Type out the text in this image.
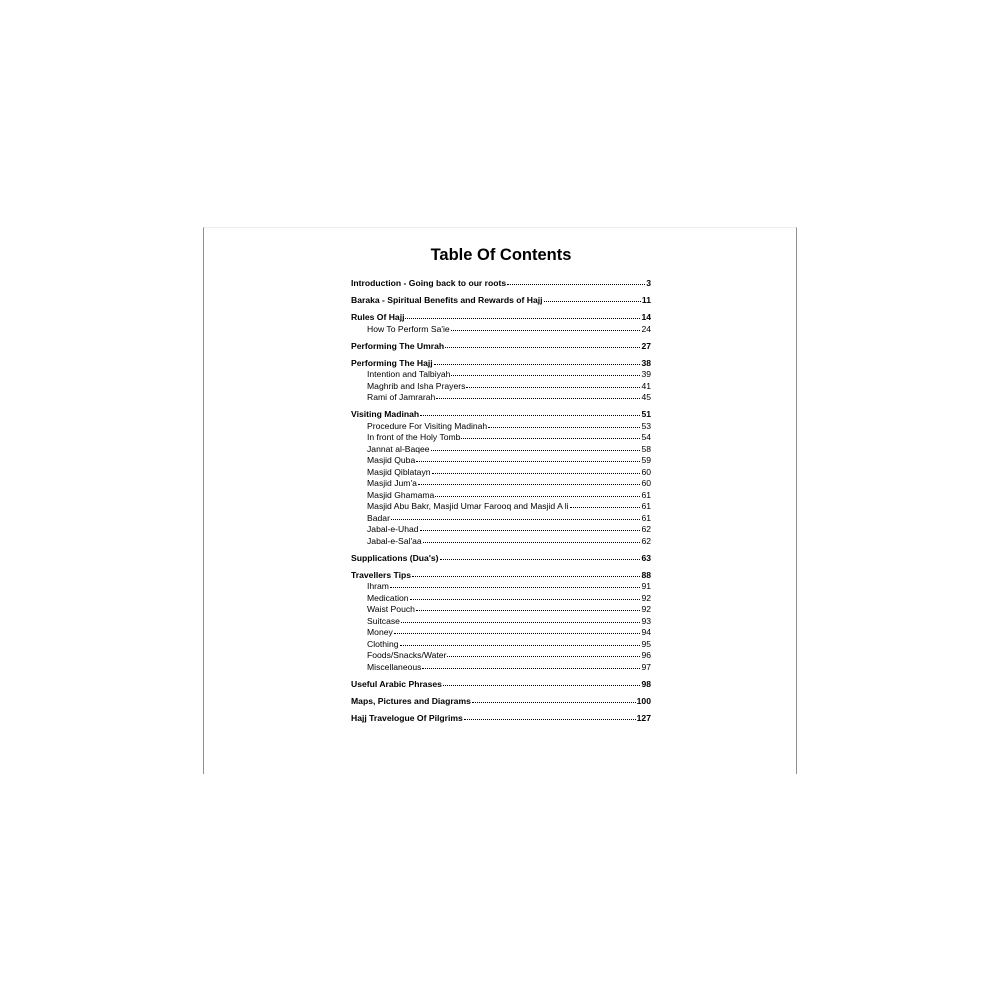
Table Of Contents
Introduction - Going back to our roots	3
Baraka - Spiritual Benefits and Rewards of Hajj	11
Rules Of Hajj	14
How To Perform Sa'ie	24
Performing The Umrah	27
Performing The Hajj	38
Intention and Talbiyah	39
Maghrib and Isha Prayers	41
Rami of Jamrarah	45
Visiting Madinah	51
Procedure For Visiting Madinah	53
In front of the Holy Tomb	54
Jannat al-Baqee	58
Masjid Quba	59
Masjid Qiblatayn	60
Masjid Jum'a	60
Masjid Ghamama	61
Masjid Abu Bakr, Masjid Umar Farooq and Masjid A li	61
Badar	61
Jabal-e-Uhad	62
Jabal-e-Sal'aa	62
Supplications (Dua's)	63
Travellers Tips	88
Ihram	91
Medication	92
Waist Pouch	92
Suitcase	93
Money	94
Clothing	95
Foods/Snacks/Water	96
Miscellaneous	97
Useful Arabic Phrases	98
Maps, Pictures and Diagrams	100
Hajj Travelogue Of Pilgrims	127
